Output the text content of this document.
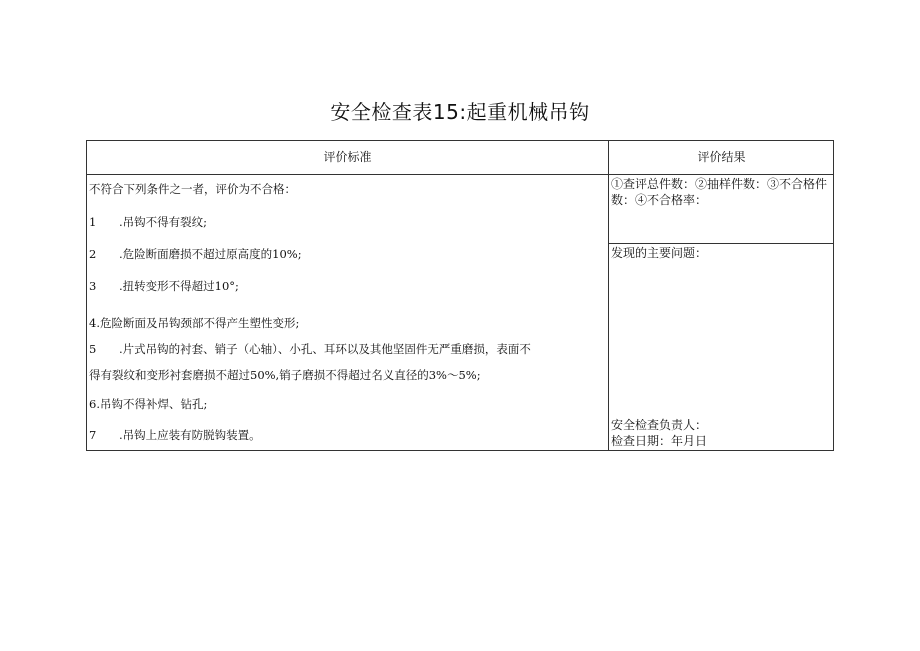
安全检查表15:起重机械吊钩
评价标准	评价结果
不符合下列条件之一者，评价为不合格：
1 .吊钩不得有裂纹;
2 .危险断面磨损不超过原高度的10%;
3 .扭转变形不得超过10°;
4.危险断面及吊钩颈部不得产生塑性变形;
5 .片式吊钩的衬套、销子（心轴）、小孔、耳环以及其他坚固件无严重磨损，表面不
得有裂纹和变形衬套磨损不超过50%,销子磨损不得超过名义直径的3%〜5%;
6.吊钩不得补焊、钻孔;
7 .吊钩上应装有防脱钩装置。
①查评总件数：②抽样件数：③不合格件数：④不合格率：
发现的主要问题：
安全检查负责人：
检查日期：年月日
